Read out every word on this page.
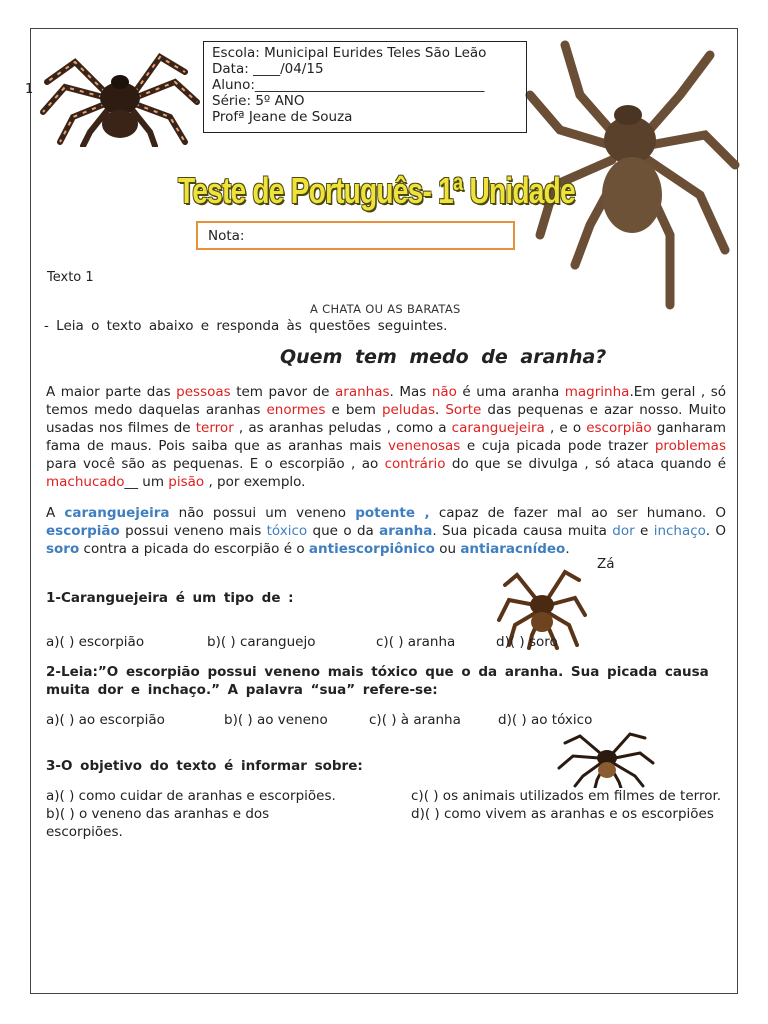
1
Escola: Municipal Eurides Teles São Leão
Data: ____/04/15
Aluno:__________________________________
Série: 5º ANO
Profª Jeane de Souza
Teste de Português- 1ª Unidade
Nota:
Texto 1
A CHATA OU AS BARATAS
- Leia o texto abaixo e responda às questões seguintes.
Quem tem medo de aranha?
A maior parte das pessoas tem pavor de aranhas. Mas não é uma aranha magrinha.Em geral , só temos medo daquelas aranhas enormes e bem peludas. Sorte das pequenas e azar nosso. Muito usadas nos filmes de terror , as aranhas peludas , como a caranguejeira , e o escorpião ganharam fama de maus. Pois saiba que as aranhas mais venenosas e cuja picada pode trazer problemas para você são as pequenas. E o escorpião , ao contrário do que se divulga , só ataca quando é machucado__ um pisão , por exemplo.
A caranguejeira não possui um veneno potente , capaz de fazer mal ao ser humano. O escorpião possui veneno mais tóxico que o da aranha. Sua picada causa muita dor e inchaço. O soro contra a picada do escorpião é o antiescorpiônico ou antiaracnídeo.
Zá
1-Caranguejeira é um tipo de :
a)( ) escorpião	b)( ) caranguejo	c)( ) aranha	d)( ) soro
2-Leia:”O escorpião possui veneno mais tóxico que o da aranha. Sua picada causa muita dor e inchaço.” A palavra “sua” refere-se:
a)( ) ao escorpião	b)( ) ao veneno	c)( ) à aranha	d)( ) ao tóxico
3-O objetivo do texto é informar sobre:
a)( ) como cuidar de aranhas e escorpiões.
b)( ) o veneno das aranhas e dos escorpiões.
c)( ) os animais utilizados em filmes de terror.
d)( ) como vivem as aranhas e os escorpiões
